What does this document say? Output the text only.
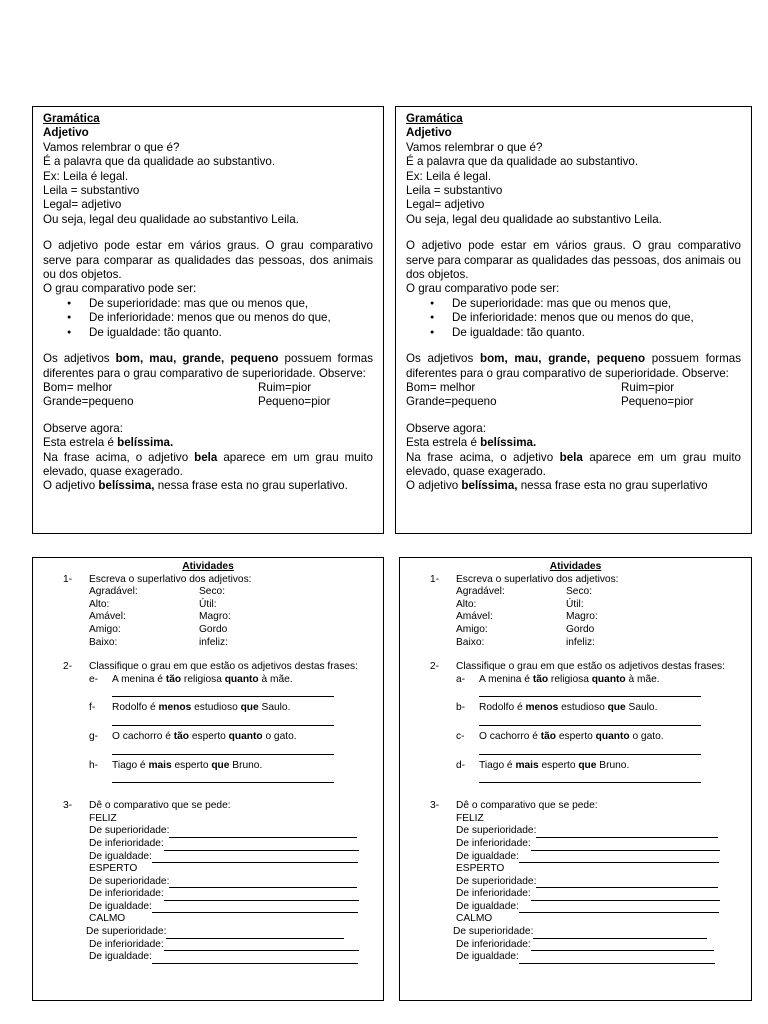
Gramática
Adjetivo
Vamos relembrar o que é?
É a palavra que da qualidade ao substantivo.
Ex: Leila é legal.
Leila = substantivo
Legal= adjetivo
Ou seja, legal deu qualidade ao substantivo Leila.
O adjetivo pode estar em vários graus. O grau comparativo serve para comparar as qualidades das pessoas, dos animais ou dos objetos.
O grau comparativo pode ser:
● De superioridade: mas que ou menos que,
● De inferioridade: menos que ou menos do que,
● De igualdade: tão quanto.
Os adjetivos bom, mau, grande, pequeno possuem formas diferentes para o grau comparativo de superioridade. Observe:
Bom= melhor	Ruim=pior
Grande=pequeno	Pequeno=pior
Observe agora:
Esta estrela é belíssima.
Na frase acima, o adjetivo bela aparece em um grau muito elevado, quase exagerado.
O adjetivo belíssima, nessa frase esta no grau superlativo.
Gramática
Adjetivo
Vamos relembrar o que é?
É a palavra que da qualidade ao substantivo.
Ex: Leila é legal.
Leila = substantivo
Legal= adjetivo
Ou seja, legal deu qualidade ao substantivo Leila.
O adjetivo pode estar em vários graus. O grau comparativo serve para comparar as qualidades das pessoas, dos animais ou dos objetos.
O grau comparativo pode ser:
● De superioridade: mas que ou menos que,
● De inferioridade: menos que ou menos do que,
● De igualdade: tão quanto.
Os adjetivos bom, mau, grande, pequeno possuem formas diferentes para o grau comparativo de superioridade. Observe:
Bom= melhor	Ruim=pior
Grande=pequeno	Pequeno=pior
Observe agora:
Esta estrela é belíssima.
Na frase acima, o adjetivo bela aparece em um grau muito elevado, quase exagerado.
O adjetivo belíssima, nessa frase esta no grau superlativo
Atividades
1-	Escreva o superlativo dos adjetivos:
Agradável:	Seco:
Alto:	Útil:
Amável:	Magro:
Amigo:	Gordo
Baixo:	infeliz:
2-	Classifique o grau em que estão os adjetivos destas frases:
e-	A menina é tão religiosa quanto à mãe.
f-	Rodolfo é menos estudioso que Saulo.
g-	O cachorro é tão esperto quanto o gato.
h-	Tiago é mais esperto que Bruno.
3-	Dê o comparativo que se pede:
FELIZ
De superioridade:
De inferioridade:
De igualdade:
ESPERTO
De superioridade:
De inferioridade:
De igualdade:
CALMO
De superioridade:
De inferioridade:
De igualdade:
Atividades
1-	Escreva o superlativo dos adjetivos:
Agradável:	Seco:
Alto:	Útil:
Amável:	Magro:
Amigo:	Gordo
Baixo:	infeliz:
2-	Classifique o grau em que estão os adjetivos destas frases:
a-	A menina é tão religiosa quanto à mãe.
b-	Rodolfo é menos estudioso que Saulo.
c-	O cachorro é tão esperto quanto o gato.
d-	Tiago é mais esperto que Bruno.
3-	Dê o comparativo que se pede:
FELIZ
De superioridade:
De inferioridade:
De igualdade:
ESPERTO
De superioridade:
De inferioridade:
De igualdade:
CALMO
De superioridade:
De inferioridade:
De igualdade:
